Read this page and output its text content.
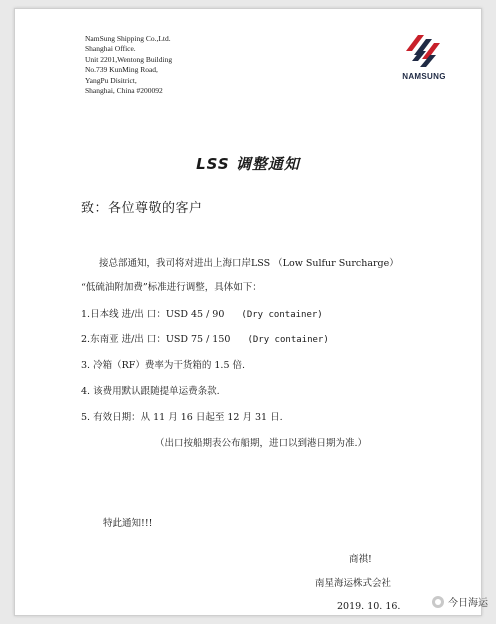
NamSung Shipping Co.,Ltd.
Shanghai Office.
Unit 2201,Wentong Building
No.739 KunMing Road,
YangPu Disitrict,
Shanghai, China #200092
NAMSUNG
LSS 调整通知
致：各位尊敬的客户
接总部通知，我司将对进出上海口岸LSS （Low Sulfur Surcharge）
“低硫油附加费”标准进行调整，具体如下：
1.日本线 进/出 口：USD 45 / 90 (Dry container)
2.东南亚 进/出 口：USD 75 / 150 (Dry container)
3. 冷箱（RF）费率为干货箱的 1.5 倍.
4. 该费用默认跟随提单运费条款.
5. 有效日期：从 11 月 16 日起至 12 月 31 日.
（出口按船期表公布船期，进口以到港日期为准.）
特此通知!!!
商祺!
南星海运株式会社
2019. 10. 16.	今日海运
